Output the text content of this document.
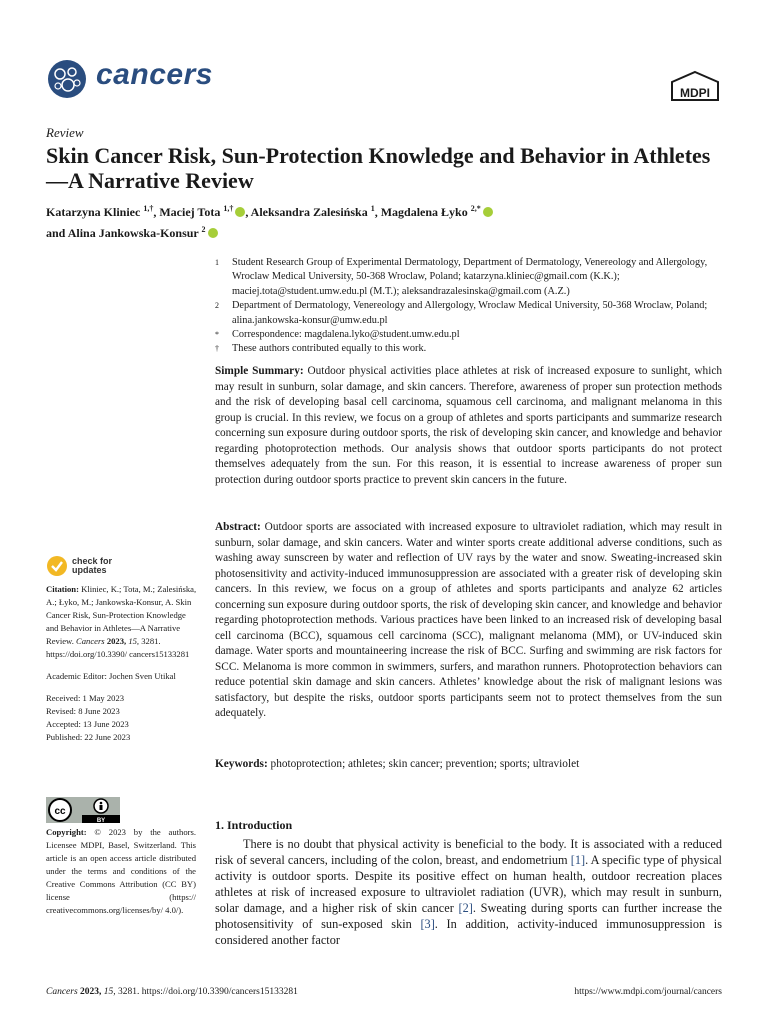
cancers
MDPI
Review
Skin Cancer Risk, Sun-Protection Knowledge and Behavior in Athletes—A Narrative Review
Katarzyna Kliniec $^{1,\dagger}$, Maciej Tota $^{1,\dagger}$ , Aleksandra Zalesińska $^1$, Magdalena Łyko $^{2,*}$
and Alina Jankowska-Konsur $^2$
1	Student Research Group of Experimental Dermatology, Department of Dermatology, Venereology and Allergology, Wroclaw Medical University, 50-368 Wroclaw, Poland; katarzyna.kliniec@gmail.com (K.K.); maciej.tota@student.umw.edu.pl (M.T.); aleksandrazalesinska@gmail.com (A.Z.)
2	Department of Dermatology, Venereology and Allergology, Wroclaw Medical University, 50-368 Wroclaw, Poland; alina.jankowska-konsur@umw.edu.pl
*	Correspondence: magdalena.lyko@student.umw.edu.pl
†	These authors contributed equally to this work.
Simple Summary: Outdoor physical activities place athletes at risk of increased exposure to sunlight, which may result in sunburn, solar damage, and skin cancers. Therefore, awareness of proper sun protection methods and the risk of developing basal cell carcinoma, squamous cell carcinoma, and malignant melanoma in this group is crucial. In this review, we focus on a group of athletes and sports participants and summarize research concerning sun exposure during outdoor sports, the risk of developing skin cancer, and knowledge and behavior regarding photoprotection methods. Our analysis shows that outdoor sports participants do not protect themselves adequately from the sun. For this reason, it is essential to increase awareness of proper sun protection during outdoor sports practice to prevent skin cancers in the future.
Abstract: Outdoor sports are associated with increased exposure to ultraviolet radiation, which may result in sunburn, solar damage, and skin cancers. Water and winter sports create additional adverse conditions, such as washing away sunscreen by water and reflection of UV rays by the water and snow. Sweating-increased skin photosensitivity and activity-induced immunosuppression are associated with a greater risk of developing skin cancers. In this review, we focus on a group of athletes and sports participants and analyze 62 articles concerning sun exposure during outdoor sports, the risk of developing skin cancer, and knowledge and behavior regarding photoprotection methods. Various practices have been linked to an increased risk of developing basal cell carcinoma (BCC), squamous cell carcinoma (SCC), malignant melanoma (MM), or UV-induced skin damage. Water sports and mountaineering increase the risk of BCC. Surfing and swimming are risk factors for SCC. Melanoma is more common in swimmers, surfers, and marathon runners. Photoprotection behaviors can reduce potential skin damage and skin cancers. Athletes’ knowledge about the risk of malignant lesions was satisfactory, but despite the risks, outdoor sports participants seem not to protect themselves from the sun adequately.
Keywords: photoprotection; athletes; skin cancer; prevention; sports; ultraviolet
check for
updates

Citation: Kliniec, K.; Tota, M.; Zalesińska, A.; Łyko, M.; Jankowska-Konsur, A. Skin Cancer Risk, Sun-Protection Knowledge and Behavior in Athletes—A Narrative Review. Cancers 2023, 15, 3281. https://doi.org/10.3390/ cancers15133281

Academic Editor: Jochen Sven Utikal

Received: 1 May 2023
Revised: 8 June 2023
Accepted: 13 June 2023
Published: 22 June 2023
cc
BY
Copyright: © 2023 by the authors. Licensee MDPI, Basel, Switzerland. This article is an open access article distributed under the terms and conditions of the Creative Commons Attribution (CC BY) license (https:// creativecommons.org/licenses/by/ 4.0/).
1. Introduction
There is no doubt that physical activity is beneficial to the body. It is associated with a reduced risk of several cancers, including of the colon, breast, and endometrium [1]. A specific type of physical activity is outdoor sports. Despite its positive effect on human health, outdoor recreation places athletes at risk of increased exposure to ultraviolet radiation (UVR), which may result in sunburn, solar damage, and a higher risk of skin cancer [2]. Sweating during sports can further increase the photosensitivity of sun-exposed skin [3]. In addition, activity-induced immunosuppression is considered another factor
Cancers 2023, 15, 3281. https://doi.org/10.3390/cancers15133281	https://www.mdpi.com/journal/cancers
